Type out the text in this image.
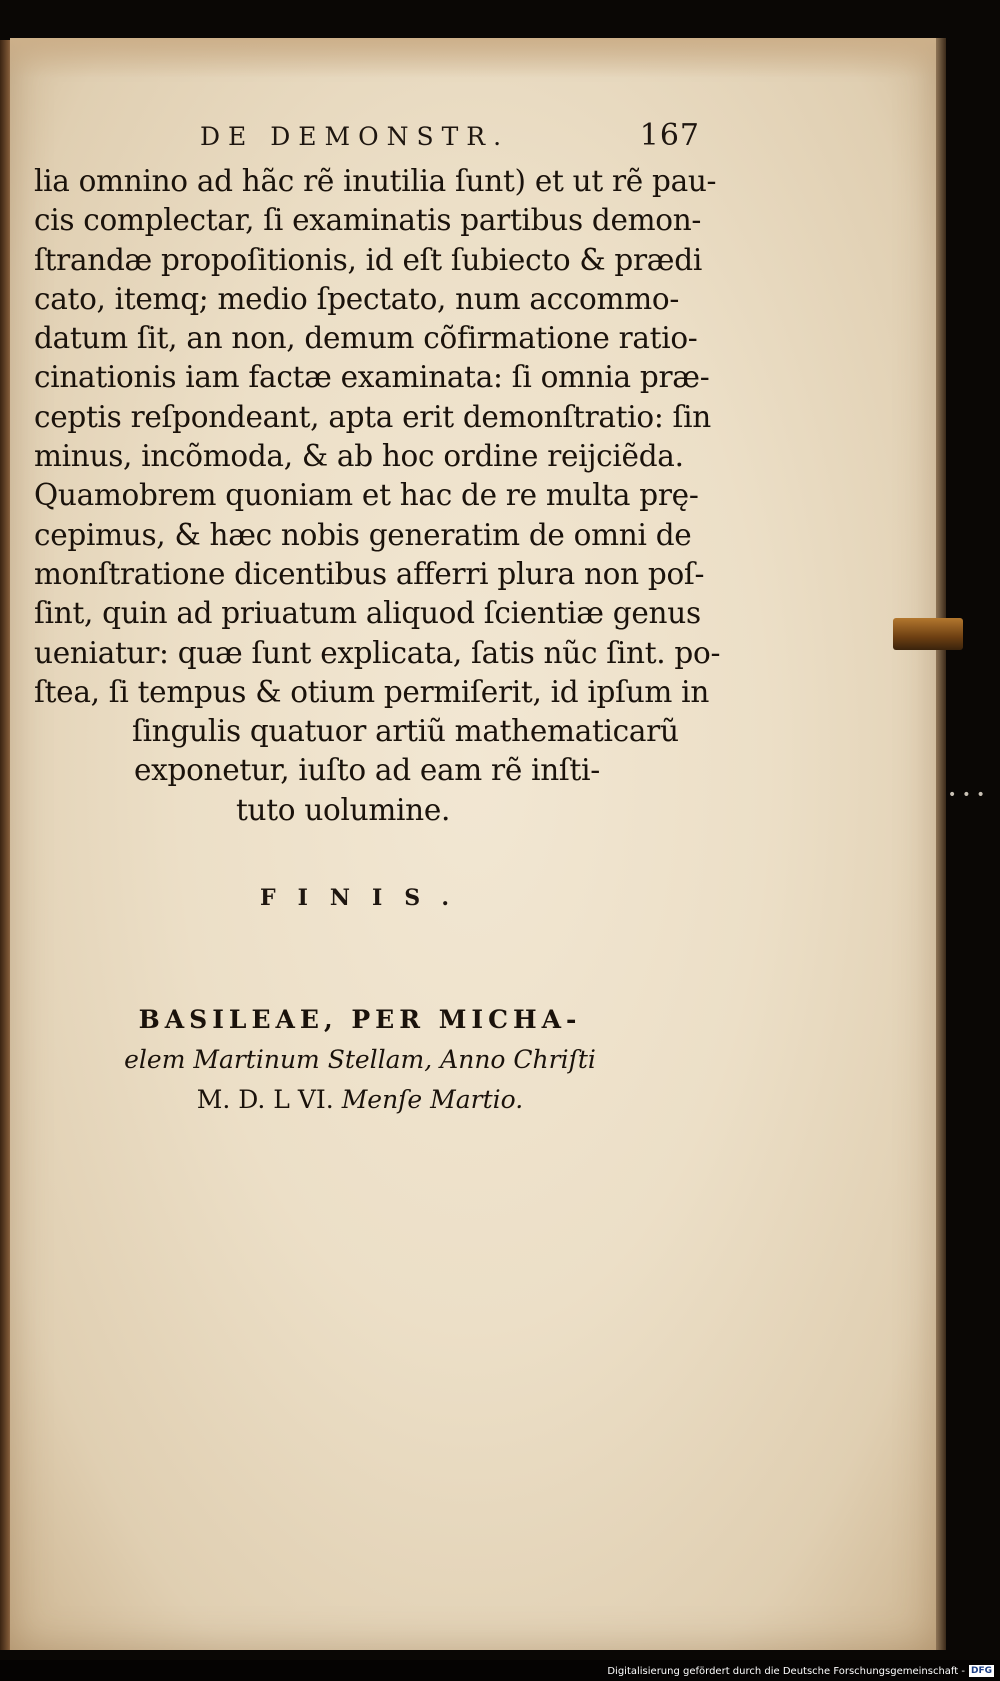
•••
DE DEMONSTR.	167
lia omnino ad hãc rẽ inutilia ſunt) et ut rẽ pau-
cis complectar, ſi examinatis partibus demon-
ſtrandæ propoſitionis, id eſt ſubiecto & prædi
cato, itemq; medio ſpectato, num accommo-
datum ſit, an non, demum cõfirmatione ratio-
cinationis iam factæ examinata: ſi omnia præ-
ceptis reſpondeant, apta erit demonſtratio: ſin
minus, incõmoda, & ab hoc ordine reijciẽda.
Quamobrem quoniam et hac de re multa prę-
cepimus, & hæc nobis generatim de omni de
monſtratione dicentibus afferri plura non poſ-
ſint, quin ad priuatum aliquod ſcientiæ genus
ueniatur: quæ ſunt explicata, ſatis nũc ſint. po-
ſtea, ſi tempus & otium permiſerit, id ipſum in
ſingulis quatuor artiũ mathematicarũ
exponetur, iuſto ad eam rẽ inſti-
tuto uolumine.
FINIS.
BASILEAE, PER MICHA-
elem Martinum Stellam, Anno Chriſti
M. D. L VI. Menſe Martio.
Digitalisierung gefördert durch die Deutsche Forschungsgemeinschaft - DFG
